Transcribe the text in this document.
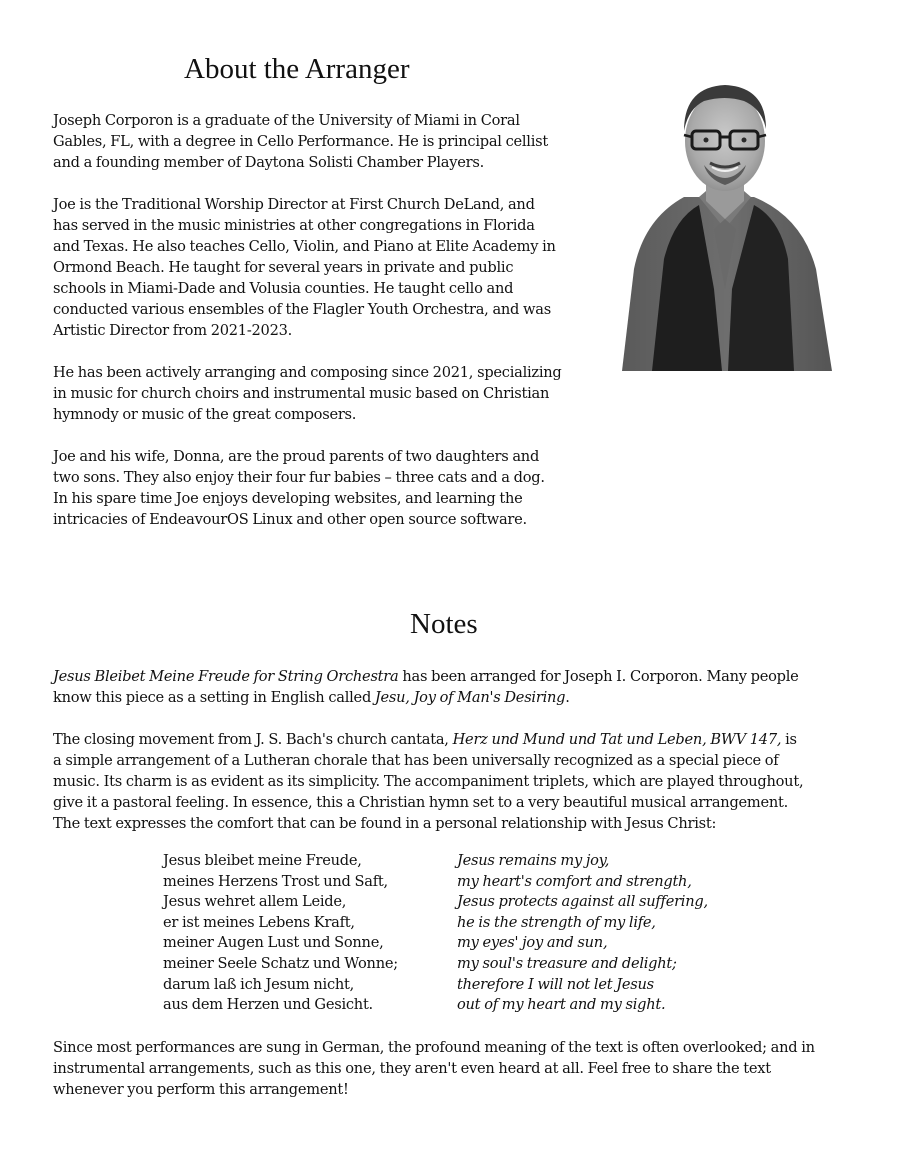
About the Arranger

Joseph Corporon is a graduate of the University of Miami in Coral
Gables, FL, with a degree in Cello Performance. He is principal cellist
and a founding member of Daytona Solisti Chamber Players.

Joe is the Traditional Worship Director at First Church DeLand, and
has served in the music ministries at other congregations in Florida
and Texas. He also teaches Cello, Violin, and Piano at Elite Academy in
Ormond Beach. He taught for several years in private and public
schools in Miami-Dade and Volusia counties. He taught cello and
conducted various ensembles of the Flagler Youth Orchestra, and was
Artistic Director from 2021-2023.

He has been actively arranging and composing since 2021, specializing
in music for church choirs and instrumental music based on Christian
hymnody or music of the great composers.

Joe and his wife, Donna, are the proud parents of two daughters and
two sons. They also enjoy their four fur babies – three cats and a dog.
In his spare time Joe enjoys developing websites, and learning the
intricacies of EndeavourOS Linux and other open source software.

Notes

Jesus Bleibet Meine Freude for String Orchestra has been arranged for Joseph I. Corporon. Many people
know this piece as a setting in English called Jesu, Joy of Man's Desiring.

The closing movement from J. S. Bach's church cantata, Herz und Mund und Tat und Leben, BWV 147, is
a simple arrangement of a Lutheran chorale that has been universally recognized as a special piece of
music. Its charm is as evident as its simplicity. The accompaniment triplets, which are played throughout,
give it a pastoral feeling. In essence, this a Christian hymn set to a very beautiful musical arrangement.
The text expresses the comfort that can be found in a personal relationship with Jesus Christ:

Jesus bleibet meine Freude,
meines Herzens Trost und Saft,
Jesus wehret allem Leide,
er ist meines Lebens Kraft,
meiner Augen Lust und Sonne,
meiner Seele Schatz und Wonne;
darum laß ich Jesum nicht,
aus dem Herzen und Gesicht.
Jesus remains my joy,
my heart's comfort and strength,
Jesus protects against all suffering,
he is the strength of my life,
my eyes' joy and sun,
my soul's treasure and delight;
therefore I will not let Jesus
out of my heart and my sight.
Since most performances are sung in German, the profound meaning of the text is often overlooked; and in
instrumental arrangements, such as this one, they aren't even heard at all. Feel free to share the text
whenever you perform this arrangement!
